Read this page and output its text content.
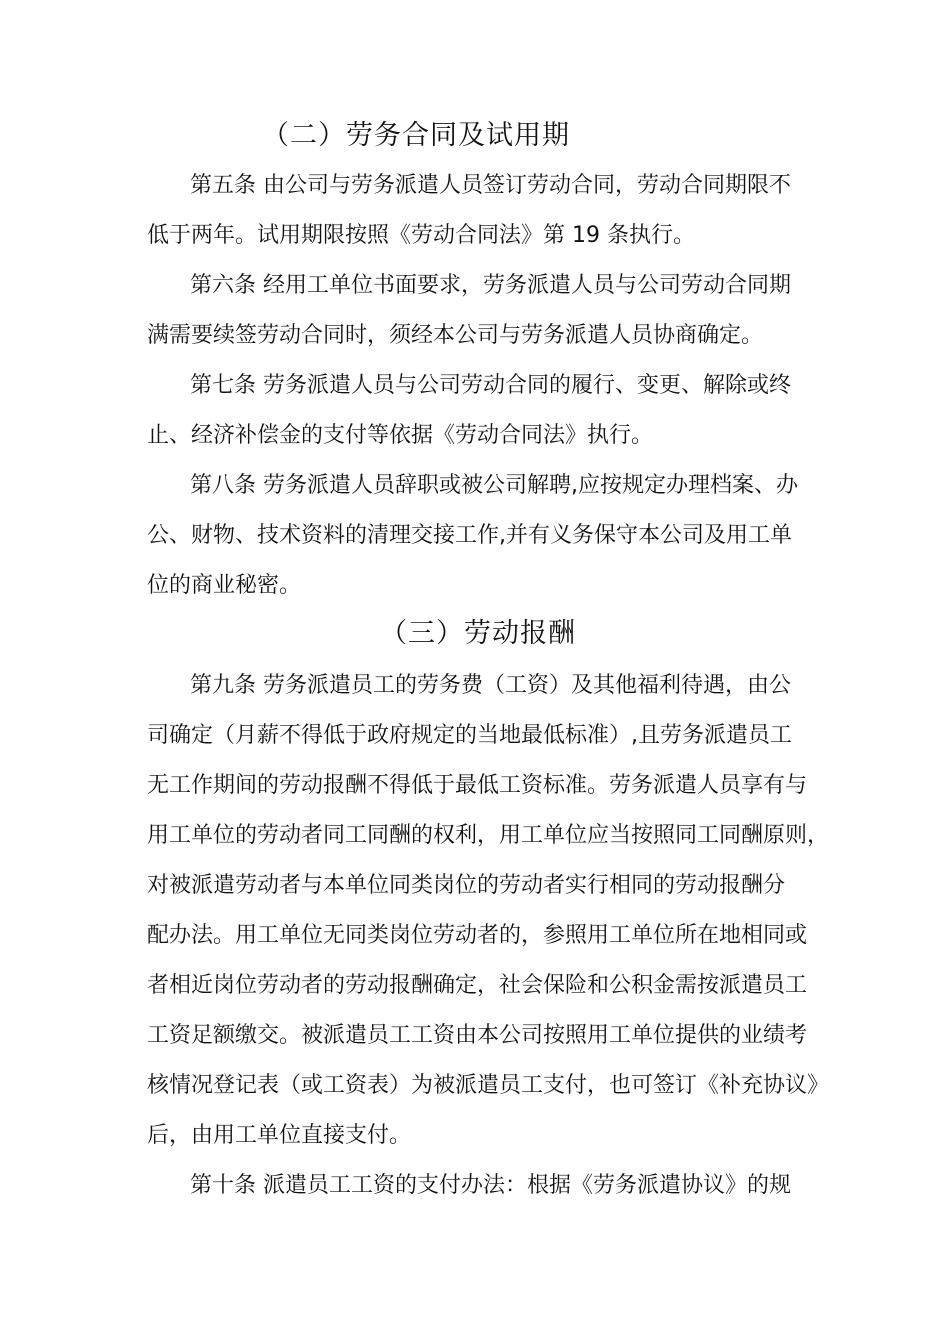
（二）劳务合同及试用期
第五条 由公司与劳务派遣人员签订劳动合同，劳动合同期限不
低于两年。试用期限按照《劳动合同法》第 19 条执行。
第六条 经用工单位书面要求，劳务派遣人员与公司劳动合同期
满需要续签劳动合同时，须经本公司与劳务派遣人员协商确定。
第七条 劳务派遣人员与公司劳动合同的履行、变更、解除或终
止、经济补偿金的支付等依据《劳动合同法》执行。
第八条 劳务派遣人员辞职或被公司解聘,应按规定办理档案、办
公、财物、技术资料的清理交接工作,并有义务保守本公司及用工单
位的商业秘密。
（三）劳动报酬
第九条 劳务派遣员工的劳务费（工资）及其他福利待遇，由公
司确定（月薪不得低于政府规定的当地最低标准）,且劳务派遣员工
无工作期间的劳动报酬不得低于最低工资标准。劳务派遣人员享有与
用工单位的劳动者同工同酬的权利，用工单位应当按照同工同酬原则，
对被派遣劳动者与本单位同类岗位的劳动者实行相同的劳动报酬分
配办法。用工单位无同类岗位劳动者的，参照用工单位所在地相同或
者相近岗位劳动者的劳动报酬确定，社会保险和公积金需按派遣员工
工资足额缴交。被派遣员工工资由本公司按照用工单位提供的业绩考
核情况登记表（或工资表）为被派遣员工支付，也可签订《补充协议》
后，由用工单位直接支付。
第十条 派遣员工工资的支付办法：根据《劳务派遣协议》的规
